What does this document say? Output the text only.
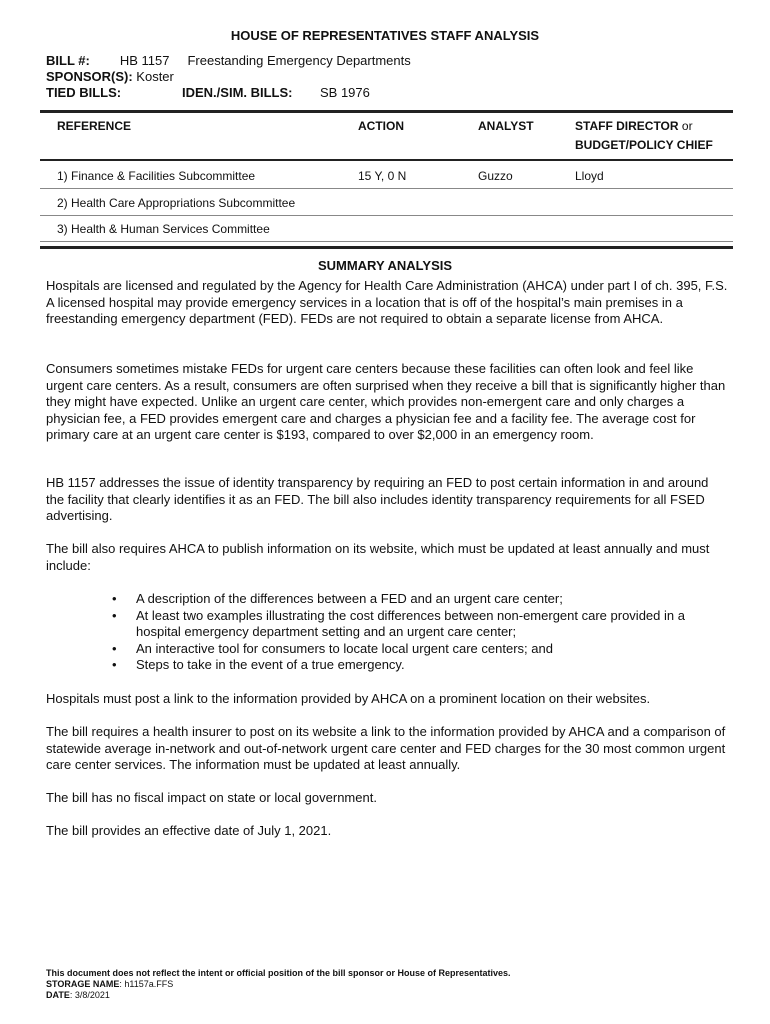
HOUSE OF REPRESENTATIVES STAFF ANALYSIS
BILL #: HB 1157 Freestanding Emergency Departments
SPONSOR(S): Koster
TIED BILLS:	IDEN./SIM. BILLS: SB 1976
REFERENCE	ACTION	ANALYST	STAFF DIRECTOR or
BUDGET/POLICY CHIEF
1) Finance & Facilities Subcommittee	15 Y, 0 N	Guzzo	Lloyd
2) Health Care Appropriations Subcommittee
3) Health & Human Services Committee
SUMMARY ANALYSIS

Hospitals are licensed and regulated by the Agency for Health Care Administration (AHCA) under part I of ch. 395, F.S. A licensed hospital may provide emergency services in a location that is off of the hospital’s main premises in a freestanding emergency department (FED). FEDs are not required to obtain a separate license from AHCA.

Consumers sometimes mistake FEDs for urgent care centers because these facilities can often look and feel like urgent care centers. As a result, consumers are often surprised when they receive a bill that is significantly higher than they might have expected. Unlike an urgent care center, which provides non-emergent care and only charges a physician fee, a FED provides emergent care and charges a physician fee and a facility fee. The average cost for primary care at an urgent care center is $193, compared to over $2,000 in an emergency room.

HB 1157 addresses the issue of identity transparency by requiring an FED to post certain information in and around the facility that clearly identifies it as an FED. The bill also includes identity transparency requirements for all FSED advertising.

The bill also requires AHCA to publish information on its website, which must be updated at least annually and must include:

• A description of the differences between a FED and an urgent care center;
• At least two examples illustrating the cost differences between non-emergent care provided in a hospital emergency department setting and an urgent care center;
• An interactive tool for consumers to locate local urgent care centers; and
• Steps to take in the event of a true emergency.

Hospitals must post a link to the information provided by AHCA on a prominent location on their websites.

The bill requires a health insurer to post on its website a link to the information provided by AHCA and a comparison of statewide average in-network and out-of-network urgent care center and FED charges for the 30 most common urgent care center services. The information must be updated at least annually.

The bill has no fiscal impact on state or local government.

The bill provides an effective date of July 1, 2021.

This document does not reflect the intent or official position of the bill sponsor or House of Representatives.
STORAGE NAME: h1157a.FFS
DATE: 3/8/2021
